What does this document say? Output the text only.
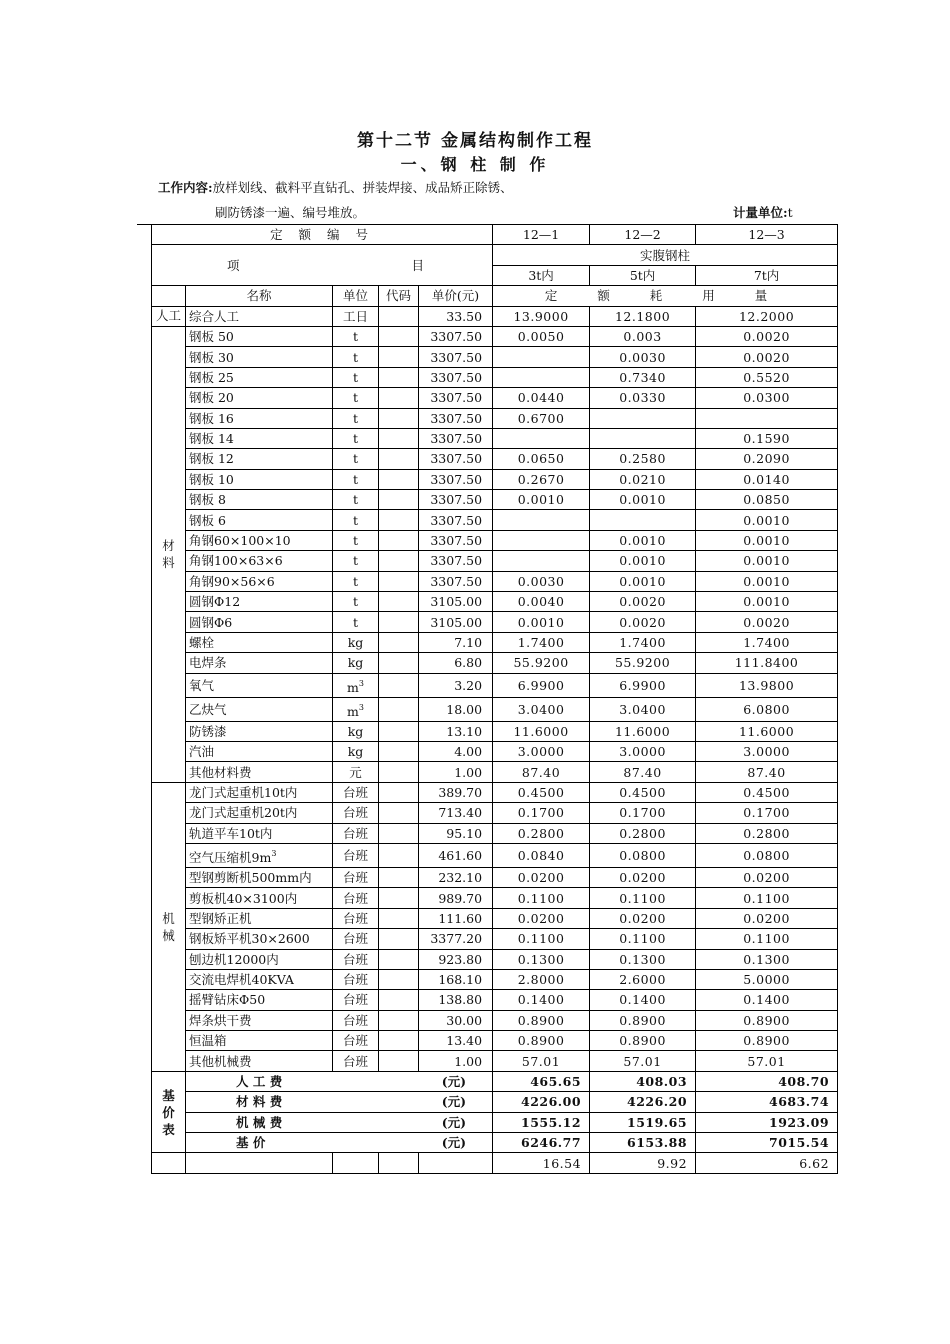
第十二节 金属结构制作工程
一、钢 柱 制 作
工作内容:放样划线、截料平直钻孔、拼装焊接、成品矫正除锈、
刷防锈漆一遍、编号堆放。	计量单位:t
定 额 编 号					12—1	12—2	12—3
项 目					实腹钢柱		
					3t内	5t内	7t内
	名称	单位	代码	单价(元)	定 额 耗 用 量		
人工	综合人工	工日		33.50	13.9000	12.1800	12.2000
材料	钢板 50	t		3307.50	0.0050	0.003	0.0020
	钢板 30	t		3307.50		0.0030	0.0020
	钢板 25	t		3307.50		0.7340	0.5520
	钢板 20	t		3307.50	0.0440	0.0330	0.0300
	钢板 16	t		3307.50	0.6700		
	钢板 14	t		3307.50			0.1590
	钢板 12	t		3307.50	0.0650	0.2580	0.2090
	钢板 10	t		3307.50	0.2670	0.0210	0.0140
	钢板 8	t		3307.50	0.0010	0.0010	0.0850
	钢板 6	t		3307.50			0.0010
	角钢60×100×10	t		3307.50		0.0010	0.0010
	角钢100×63×6	t		3307.50		0.0010	0.0010
	角钢90×56×6	t		3307.50	0.0030	0.0010	0.0010
	圆钢Φ12	t		3105.00	0.0040	0.0020	0.0010
	圆钢Φ6	t		3105.00	0.0010	0.0020	0.0020
	螺栓	kg		7.10	1.7400	1.7400	1.7400
	电焊条	kg		6.80	55.9200	55.9200	111.8400
	氧气	$m^3$		3.20	6.9900	6.9900	13.9800
	乙炔气	$m^3$		18.00	3.0400	3.0400	6.0800
	防锈漆	kg		13.10	11.6000	11.6000	11.6000
	汽油	kg		4.00	3.0000	3.0000	3.0000
	其他材料费	元		1.00	87.40	87.40	87.40
机械	龙门式起重机10t内	台班		389.70	0.4500	0.4500	0.4500
	龙门式起重机20t内	台班		713.40	0.1700	0.1700	0.1700
	轨道平车10t内	台班		95.10	0.2800	0.2800	0.2800
	空气压缩机$9m^3$	台班		461.60	0.0840	0.0800	0.0800
	型钢剪断机500mm内	台班		232.10	0.0200	0.0200	0.0200
	剪板机40×3100内	台班		989.70	0.1100	0.1100	0.1100
	型钢矫正机	台班		111.60	0.0200	0.0200	0.0200
	钢板矫平机30×2600	台班		3377.20	0.1100	0.1100	0.1100
	刨边机12000内	台班		923.80	0.1300	0.1300	0.1300
	交流电焊机40KVA	台班		168.10	2.8000	2.6000	5.0000
	摇臂钻床Φ50	台班		138.80	0.1400	0.1400	0.1400
	焊条烘干费	台班		30.00	0.8900	0.8900	0.8900
	恒温箱	台班		13.40	0.8900	0.8900	0.8900
	其他机械费	台班		1.00	57.01	57.01	57.01
基价表	人 工 费 (元)				465.65	408.03	408.70

	材 料 费 (元)				4226.00	4226.20	4683.74

	机 械 费 (元)				1555.12	1519.65	1923.09

	基 价 (元)				6246.77	6153.88	7015.54
					16.54	9.92	6.62
